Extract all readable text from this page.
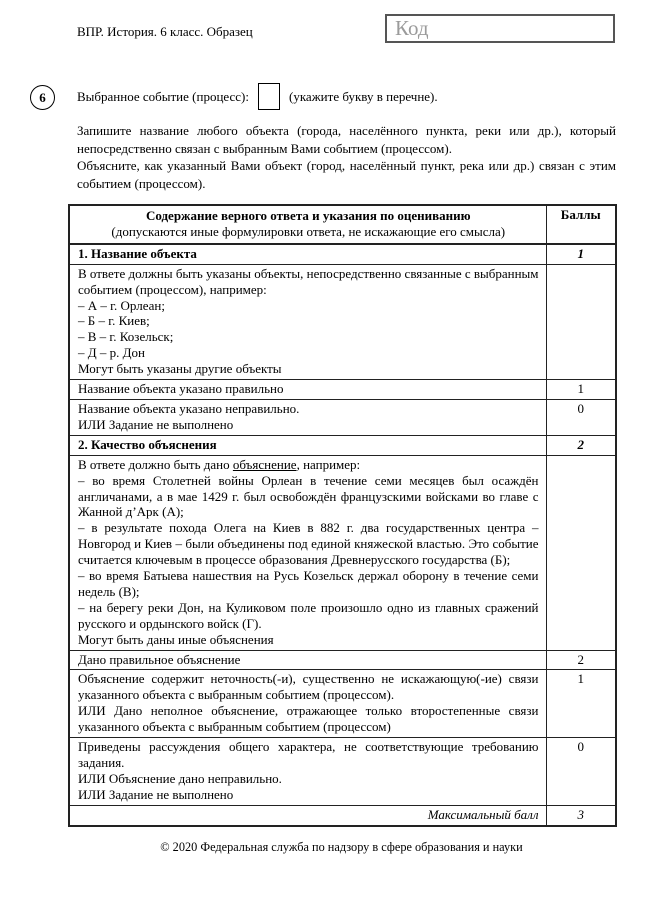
ВПР. История. 6 класс. Образец	Код
6	Выбранное событие (процесс):	(укажите букву в перечне).
Запишите название любого объекта (города, населённого пункта, реки или др.), который непосредственно связан с выбранным Вами событием (процессом).
Объясните, как указанный Вами объект (город, населённый пункт, река или др.) связан с этим событием (процессом).
Содержание верного ответа и указания по оцениванию
(допускаются иные формулировки ответа, не искажающие его смысла)	Баллы
1. Название объекта	1

В ответе должны быть указаны объекты, непосредственно связанные с выбранным событием (процессом), например:
– А – г. Орлеан;
– Б – г. Киев;
– В – г. Козельск;
– Д – р. Дон
Могут быть указаны другие объекты

Название объекта указано правильно	1

Название объекта указано неправильно.
ИЛИ Задание не выполнено	0
2. Качество объяснения	2

В ответе должно быть дано объяснение, например:
– во время Столетней войны Орлеан в течение семи месяцев был осаждён англичанами, а в мае 1429 г. был освобождён французскими войсками во главе с Жанной д’Арк (А);
– в результате похода Олега на Киев в 882 г. два государственных центра – Новгород и Киев – были объединены под единой княжеской властью. Это событие считается ключевым в процессе образования Древнерусского государства (Б);
– во время Батыева нашествия на Русь Козельск держал оборону в течение семи недель (В);
– на берегу реки Дон, на Куликовом поле произошло одно из главных сражений русского и ордынского войск (Г).
Могут быть даны иные объяснения

Дано правильное объяснение	2

Объяснение содержит неточность(-и), существенно не искажающую(-ие) связи указанного объекта с выбранным событием (процессом).
ИЛИ Дано неполное объяснение, отражающее только второстепенные связи указанного объекта с выбранным событием (процессом)	1

Приведены рассуждения общего характера, не соответствующие требованию задания.
ИЛИ Объяснение дано неправильно.
ИЛИ Задание не выполнено	0
Максимальный балл	3
© 2020 Федеральная служба по надзору в сфере образования и науки
